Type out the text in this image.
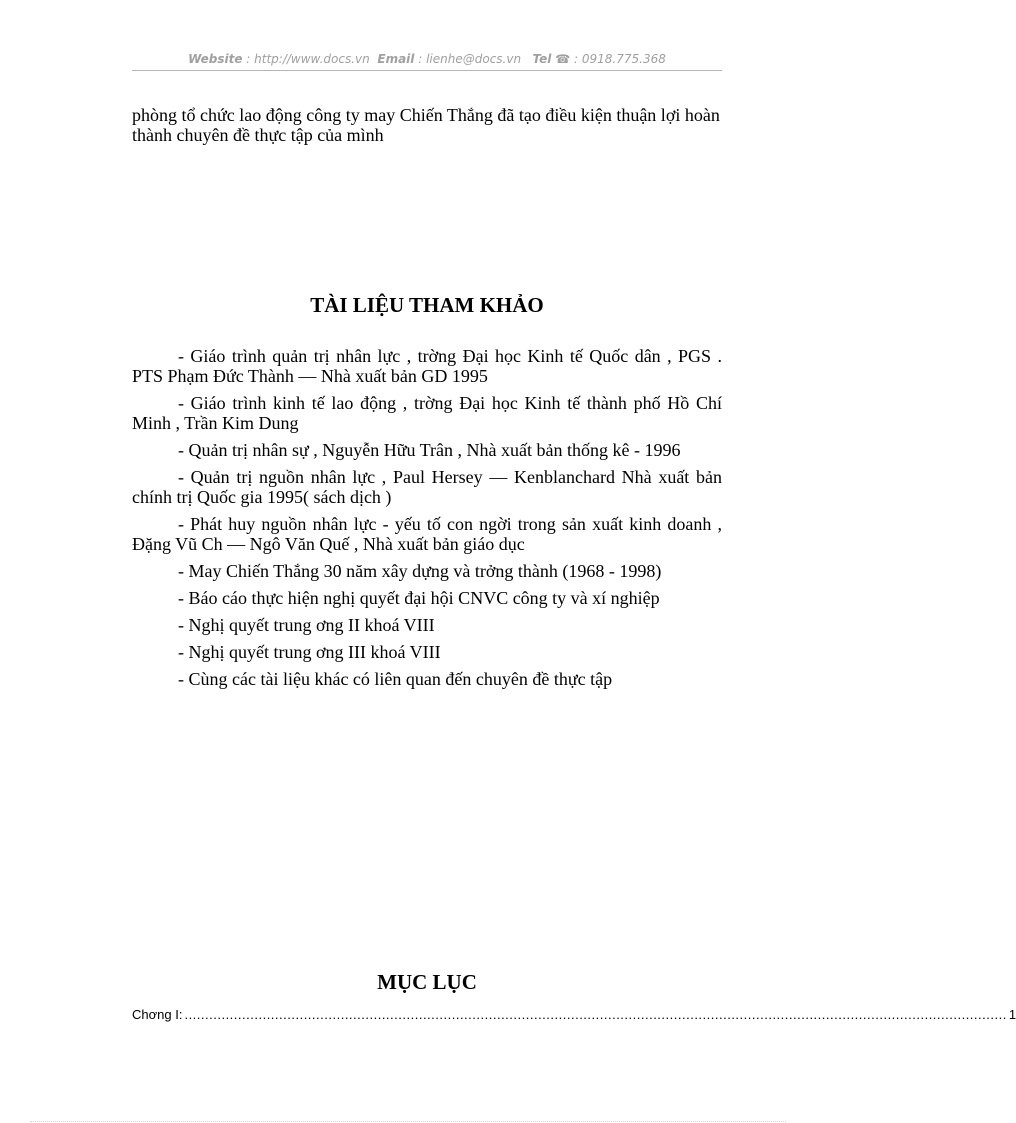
Website : http://www.docs.vn Email : lienhe@docs.vn Tel ☎ : 0918.775.368
phòng tổ chức lao động công ty may Chiến Thắng đã tạo điều kiện thuận lợi hoàn thành chuyên đề thực tập của mình
TÀI LIỆU THAM KHẢO
- Giáo trình quản trị nhân lực , trờng Đại học Kinh tế Quốc dân , PGS . PTS Phạm Đức Thành — Nhà xuất bản GD 1995
- Giáo trình kinh tế lao động , trờng Đại học Kinh tế thành phố Hồ Chí Minh , Trần Kim Dung
- Quản trị nhân sự , Nguyễn Hữu Trân , Nhà xuất bản thống kê - 1996
- Quản trị nguồn nhân lực , Paul Hersey — Kenblanchard Nhà xuất bản chính trị Quốc gia 1995( sách dịch )
- Phát huy nguồn nhân lực - yếu tố con ngời trong sản xuất kinh doanh , Đặng Vũ Ch — Ngô Văn Quế , Nhà xuất bản giáo dục
- May Chiến Thắng 30 năm xây dựng và trởng thành (1968 - 1998)
- Báo cáo thực hiện nghị quyết đại hội CNVC công ty và xí nghiệp
- Nghị quyết trung ơng II khoá VIII
- Nghị quyết trung ơng III khoá VIII
- Cùng các tài liệu khác có liên quan đến chuyên đề thực tập
MỤC LỤC
Chơng I: ........................................................................................................................................................................................................ 1
